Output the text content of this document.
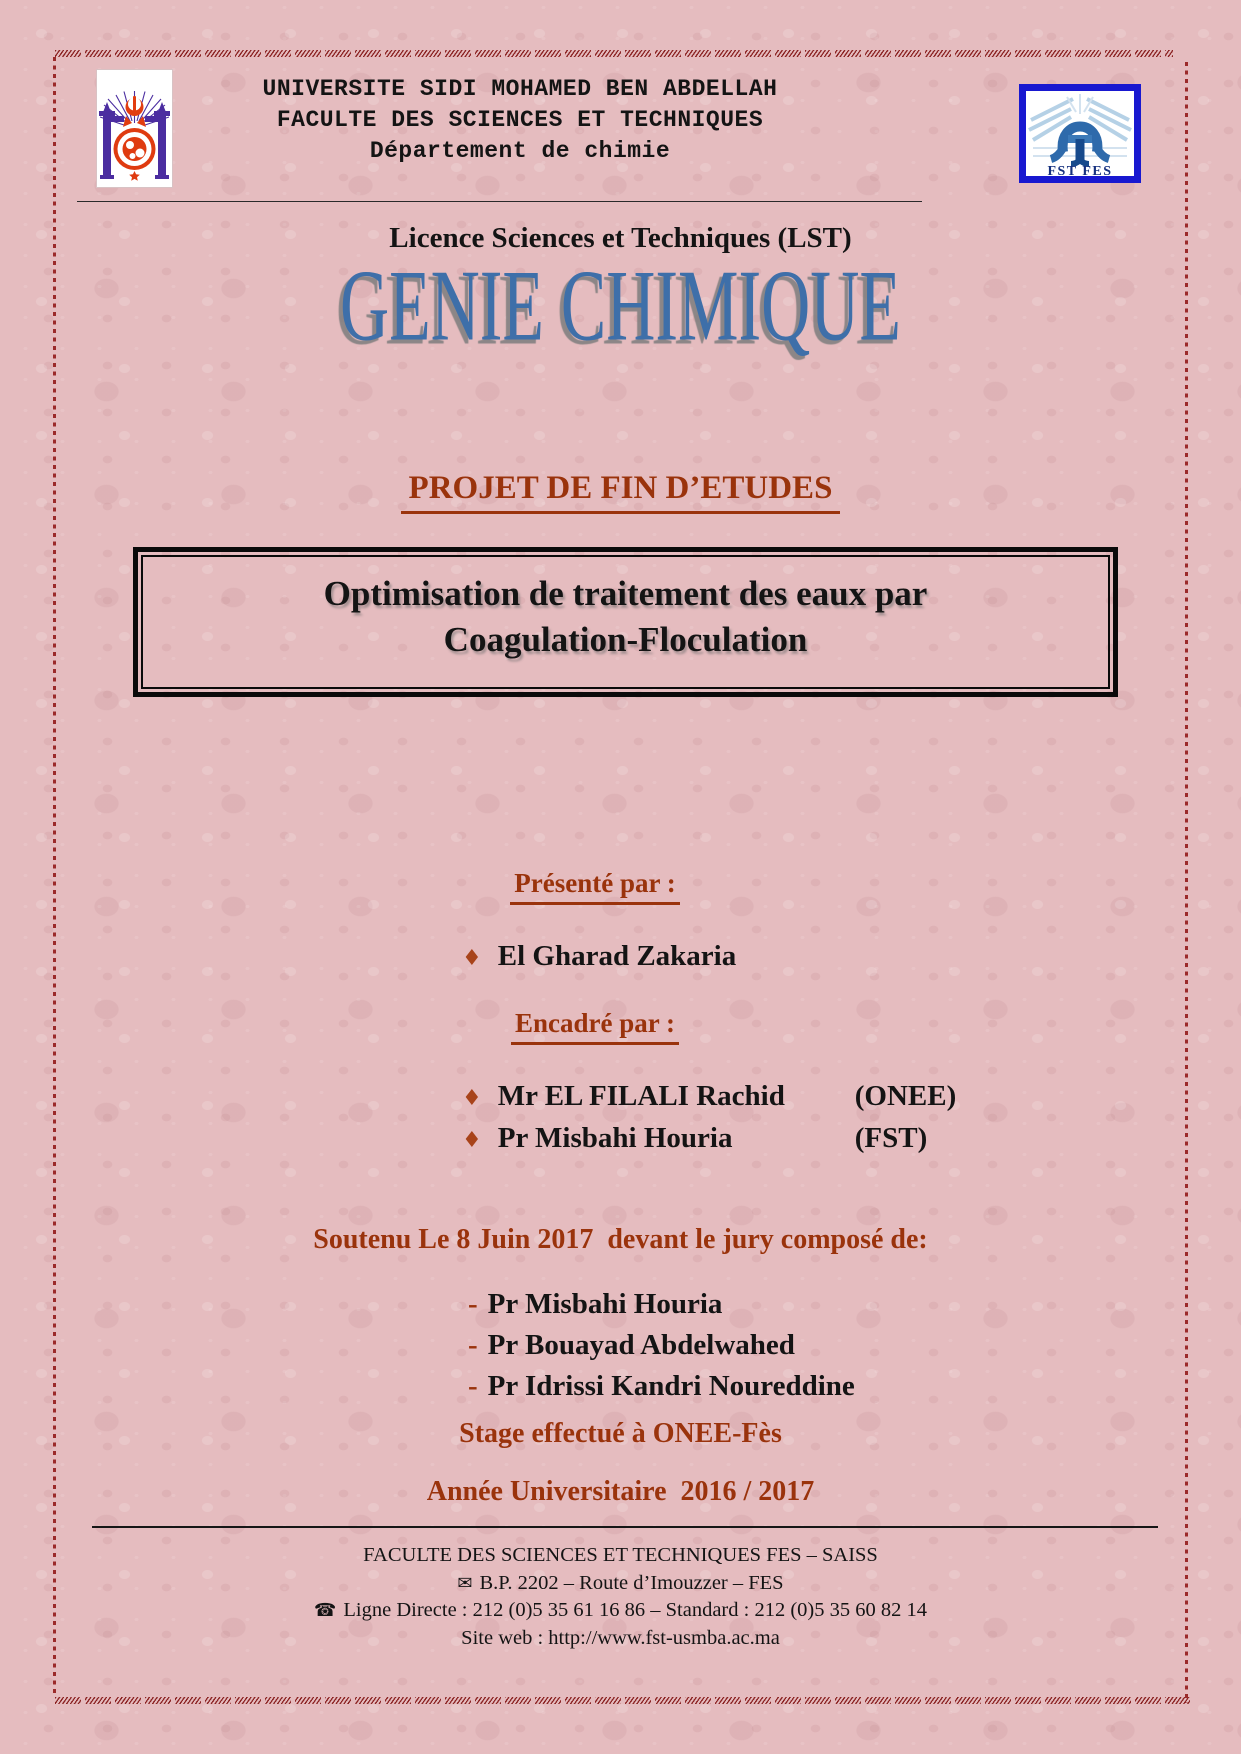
UNIVERSITE SIDI MOHAMED BEN ABDELLAH
FACULTE DES SCIENCES ET TECHNIQUES
Département de chimie
FST FES
Licence Sciences et Techniques (LST)
GENIE CHIMIQUE
PROJET DE FIN D’ETUDES
Optimisation de traitement des eaux par
Coagulation-Floculation
Présenté par :
♦ El Gharad Zakaria
Encadré par :
♦ Mr EL FILALI Rachid	(ONEE)
♦ Pr Misbahi Houria	(FST)
Soutenu Le 8 Juin 2017  devant le jury composé de:
- Pr Misbahi Houria
- Pr Bouayad Abdelwahed
- Pr Idrissi Kandri Noureddine
Stage effectué à ONEE-Fès
Année Universitaire  2016 / 2017
FACULTE DES SCIENCES ET TECHNIQUES FES – SAISS
✉ B.P. 2202 – Route d’Imouzzer – FES
☎ Ligne Directe : 212 (0)5 35 61 16 86 – Standard : 212 (0)5 35 60 82 14
Site web : http://www.fst-usmba.ac.ma
